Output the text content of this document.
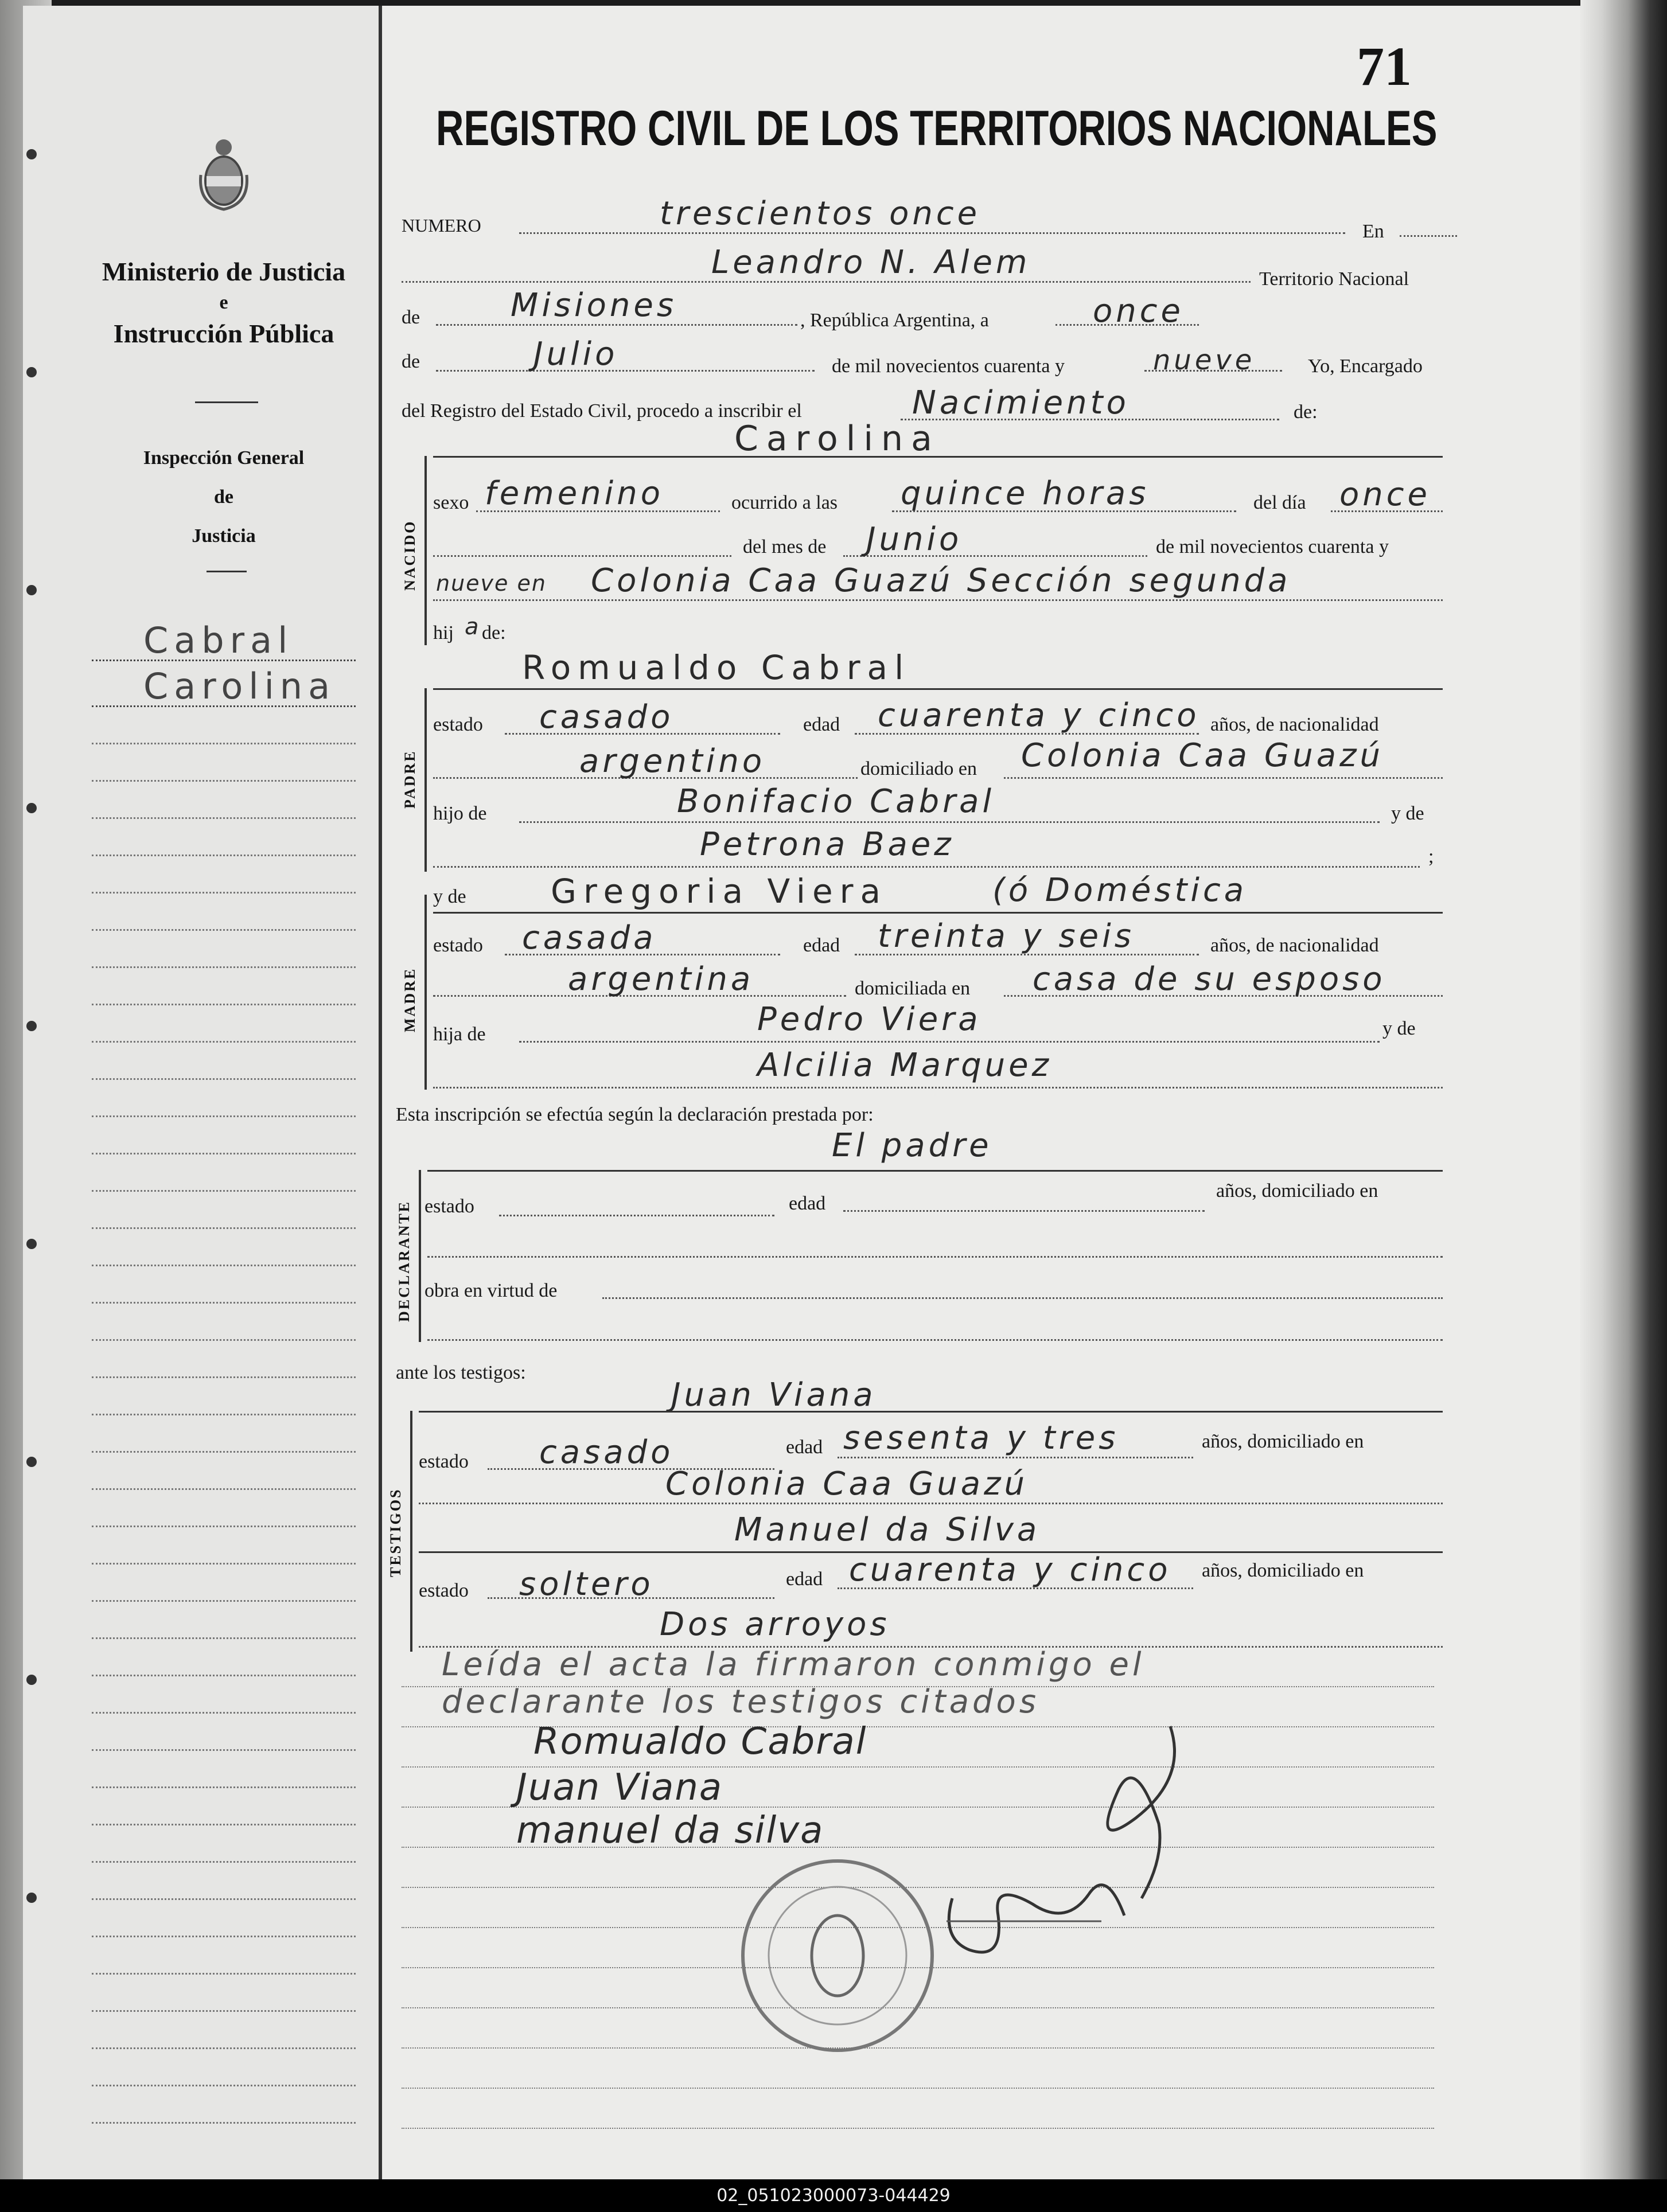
Ministerio de Justicia
e
Instrucción Pública
Inspección General
de
Justicia
Cabral
Carolina
71
REGISTRO CIVIL DE LOS TERRITORIOS NACIONALES
NUMERO	trescientos once	En
Leandro N. Alem	Territorio Nacional
de	Misiones	, República Argentina, a	once
de	Julio	de mil novecientos cuarenta y	nueve	Yo, Encargado
del Registro del Estado Civil, procedo a inscribir el	Nacimiento	de:
Carolina
NACIDO
sexo femenino	ocurrido a las quince horas	del día once
del mes de Junio	de mil novecientos cuarenta y
nueve en Colonia Caa Guazú Sección segunda
hij a de:
Romualdo Cabral
PADRE
estado casado	edad cuarenta y cinco años, de nacionalidad
argentino	domiciliado en Colonia Caa Guazú
hijo de	Bonifacio Cabral	y de
Petrona Baez	;
y de	Gregoria Viera	(ó Doméstica
MADRE
estado casada	edad treinta y seis	años, de nacionalidad
argentina	domiciliada en casa de su esposo
hija de	Pedro Viera	y de
Alcilia Marquez
Esta inscripción se efectúa según la declaración prestada por:
El padre
DECLARANTE estado	edad
años, domiciliado en
obra en virtud de
ante los testigos:
Juan Viana
TESTIGOS
estado casado	edad sesenta y tres	años, domiciliado en
Colonia Caa Guazú
Manuel da Silva
estado soltero	edad cuarenta y cinco años, domiciliado en
Dos arroyos
Leída el acta la firmaron conmigo el
declarante los testigos citados
Romualdo Cabral
Juan Viana
manuel da silva
02_051023000073-044429
